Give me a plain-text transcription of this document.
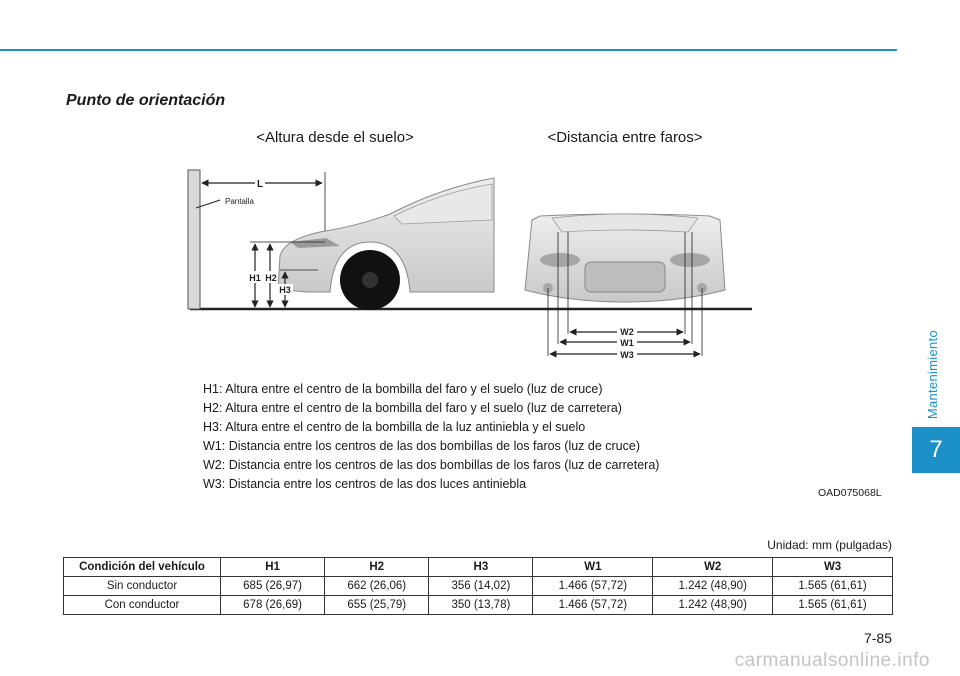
Mantenimiento
7
Punto de orientación
<Altura desde el suelo>	<Distancia entre faros>
L
Pantalla
H1 H2
H3
W2
W1
W3
H1: Altura entre el centro de la bombilla del faro y el suelo (luz de cruce)
H2: Altura entre el centro de la bombilla del faro y el suelo (luz de carretera)
H3: Altura entre el centro de la bombilla de la luz antiniebla y el suelo
W1: Distancia entre los centros de las dos bombillas de los faros (luz de cruce)
W2: Distancia entre los centros de las dos bombillas de los faros (luz de carretera)
W3: Distancia entre los centros de las dos luces antiniebla
OAD075068L
Unidad: mm (pulgadas)
Condición del vehículo	H1	H2	H3	W1	W2	W3
Sin conductor	685 (26,97)	662 (26,06)	356 (14,02)	1.466 (57,72)	1.242 (48,90)	1.565 (61,61)
Con conductor	678 (26,69)	655 (25,79)	350 (13,78)	1.466 (57,72)	1.242 (48,90)	1.565 (61,61)
7-85
carmanualsonline.info
